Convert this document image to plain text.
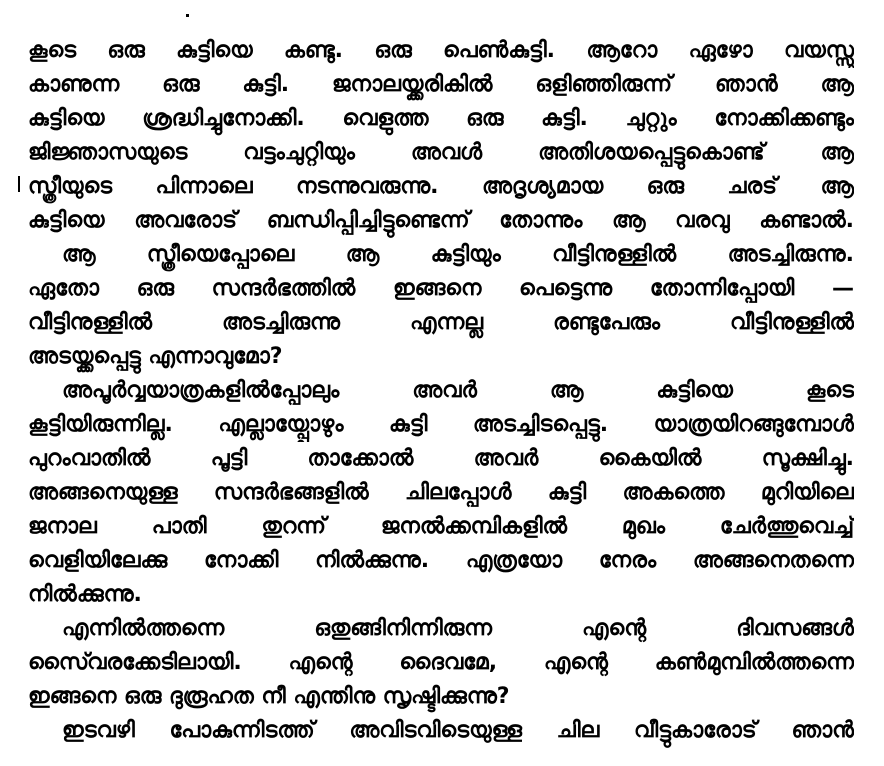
കൂടെ ഒരു കുട്ടിയെ കണ്ടു. ഒരു പെൺകുട്ടി. ആറോ ഏഴോ വയസ്സു
കാണുന്ന ഒരു കുട്ടി. ജനാലയ്ക്കരികിൽ ഒളിഞ്ഞിരുന്ന് ഞാൻ ആ
കുട്ടിയെ ശ്രദ്ധിച്ചുനോക്കി. വെളുത്ത ഒരു കുട്ടി. ചുറ്റും നോക്കിക്കണ്ടും
ജിജ്ഞാസയുടെ വട്ടംചുറ്റിയും അവൾ അതിശയപ്പെട്ടുകൊണ്ട് ആ
സ്ത്രീയുടെ പിന്നാലെ നടന്നുവരുന്നു. അദൃശ്യമായ ഒരു ചരട് ആ
കുട്ടിയെ അവരോട് ബന്ധിപ്പിച്ചിട്ടുണ്ടെന്ന് തോന്നും ആ വരവു കണ്ടാൽ.
ആ സ്ത്രീയെപ്പോലെ ആ കുട്ടിയും വീട്ടിനുള്ളിൽ അടച്ചിരുന്നു.
ഏതോ ഒരു സന്ദർഭത്തിൽ ഇങ്ങനെ പെട്ടെന്നു തോന്നിപ്പോയി —
വീട്ടിനുള്ളിൽ അടച്ചിരുന്നു എന്നല്ല രണ്ടുപേരും വീട്ടിനുള്ളിൽ
അടയ്ക്കപ്പെട്ടു എന്നാവുമോ?
അപൂർവ്വയാത്രകളിൽപ്പോലും അവർ ആ കുട്ടിയെ കൂടെ
കൂട്ടിയിരുന്നില്ല. എല്ലായ്പ്പോഴും കുട്ടി അടച്ചിടപ്പെട്ടു. യാത്രയിറങ്ങുമ്പോൾ
പുറംവാതിൽ പൂട്ടി താക്കോൽ അവർ കൈയിൽ സൂക്ഷിച്ചു.
അങ്ങനെയുള്ള സന്ദർഭങ്ങളിൽ ചിലപ്പോൾ കുട്ടി അകത്തെ മുറിയിലെ
ജനാല പാതി തുറന്ന് ജനൽക്കമ്പികളിൽ മുഖം ചേർത്തുവെച്ച്
വെളിയിലേക്കു നോക്കി നിൽക്കുന്നു. എത്രയോ നേരം അങ്ങനെതന്നെ
നിൽക്കുന്നു.
എന്നിൽത്തന്നെ ഒതുങ്ങിനിന്നിരുന്ന എന്റെ ദിവസങ്ങൾ
സൈ്വരക്കേടിലായി. എന്റെ ദൈവമേ, എന്റെ കൺമുമ്പിൽത്തന്നെ
ഇങ്ങനെ ഒരു ദുരൂഹത നീ എന്തിനു സൃഷ്ടിക്കുന്നു?
ഇടവഴി പോകുന്നിടത്ത് അവിടവിടെയുള്ള ചില വീട്ടുകാരോട് ഞാൻ
